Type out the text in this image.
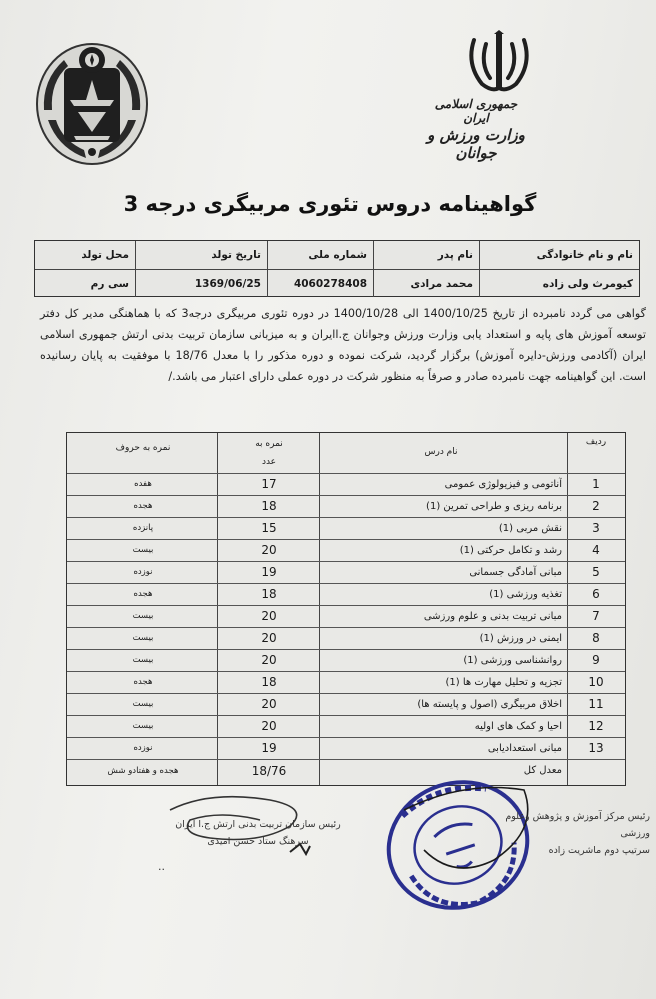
جمهوری اسلامی ایران
وزارت ورزش و جوانان
گواهینامه دروس تئوری مربیگری درجه 3
نام و نام خانوادگی
نام پدر
شماره ملی
تاریخ تولد
محل تولد
کیومرث ولی زاده
محمد مرادی
4060278408
1369/06/25
سی رم
گواهی می گردد نامبرده از تاریخ 1400/10/25 الی 1400/10/28 در دوره تئوری مربیگری درجه3 که با هماهنگی مدیر کل دفتر توسعه آموزش های پایه و استعداد یابی وزارت ورزش وجوانان ج.اایران و به میزبانی سازمان تربیت بدنی ارتش جمهوری اسلامی ایران (آکادمی ورزش-دایره آموزش) برگزار گردید، شرکت نموده و دوره مذکور را با معدل 18/76 با موفقیت به پایان رسانیده است. این گواهینامه جهت نامبرده صادر و صرفاً به منظور شرکت در دوره عملی دارای اعتبار می باشد./
ردیف
نام درس
نمره به
عدد
نمره به حروف
1
آناتومی و فیزیولوژی عمومی
17
هفده
2
برنامه ریزی و طراحی تمرین (1)
18
هجده
3
نقش مربی (1)
15
پانزده
4
رشد و تکامل حرکتی (1)
20
بیست
5
مبانی آمادگی جسمانی
19
نوزده
6
تغذیه ورزشی (1)
18
هجده
7
مبانی تربیت بدنی و علوم ورزشی
20
بیست
8
ایمنی در ورزش (1)
20
بیست
9
روانشناسی ورزشی (1)
20
بیست
10
تجزیه و تحلیل مهارت ها (1)
18
هجده
11
اخلاق مربیگری (اصول و پایسته ها)
20
بیست
12
احیا و کمک های اولیه
20
بیست
13
مبانی استعدادیابی
19
نوزده
معدل کل
18/76
هجده و هفتادو شش
رئیس سازمان تربیت بدنی ارتش ج.ا ایران
سرهنگ ستاد حسن امیدی
..
رئیس مرکز آموزش و پژوهش وعلوم ورزشی
سرتیپ دوم ماشریت زاده
